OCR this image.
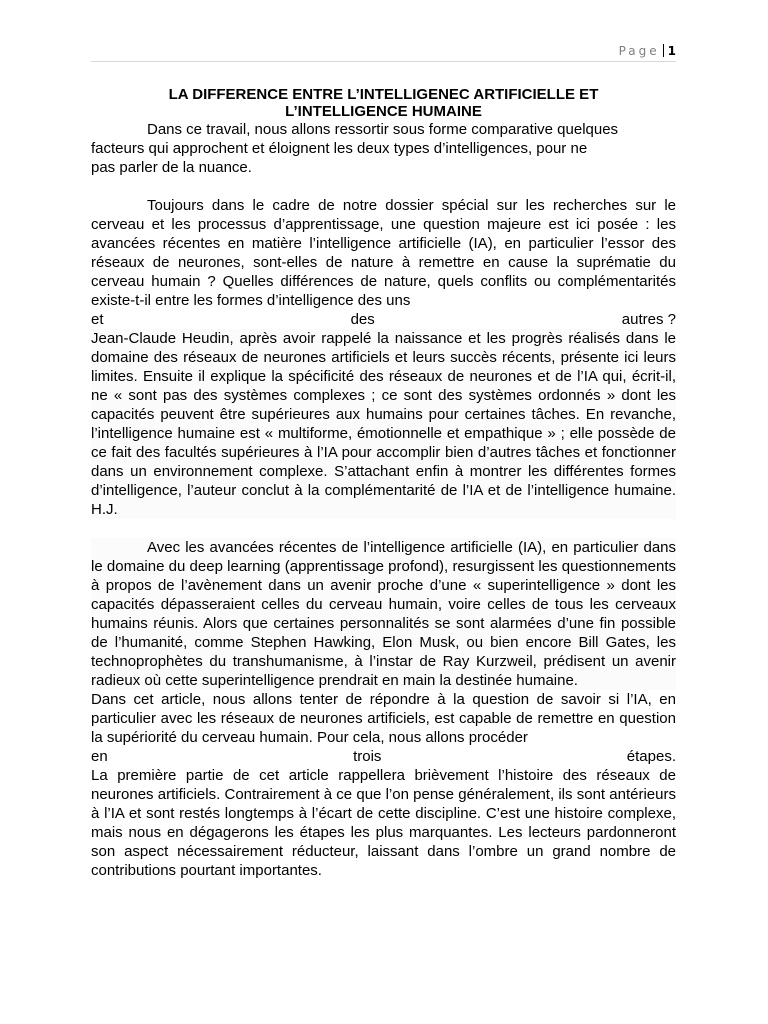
Page 1
LA DIFFERENCE ENTRE L’INTELLIGENEC ARTIFICIELLE ET
L’INTELLIGENCE HUMAINE
Dans ce travail, nous allons ressortir sous forme comparative quelques
facteurs qui approchent et éloignent les deux types d’intelligences, pour ne
pas parler de la nuance.
Toujours dans le cadre de notre dossier spécial sur les recherches sur le cerveau et les processus d’apprentissage, une question majeure est ici posée : les avancées récentes en matière l’intelligence artificielle (IA), en particulier l’essor des réseaux de neurones, sont-elles de nature à remettre en cause la suprématie du cerveau humain ? Quelles différences de nature, quels conflits ou complémentarités existe-t-il entre les formes d’intelligence des uns
et	des	autres ?
Jean-Claude Heudin, après avoir rappelé la naissance et les progrès réalisés dans le domaine des réseaux de neurones artificiels et leurs succès récents, présente ici leurs limites. Ensuite il explique la spécificité des réseaux de neurones et de l’IA qui, écrit-il, ne « sont pas des systèmes complexes ; ce sont des systèmes ordonnés » dont les capacités peuvent être supérieures aux humains pour certaines tâches. En revanche, l’intelligence humaine est « multiforme, émotionnelle et empathique » ; elle possède de ce fait des facultés supérieures à l’IA pour accomplir bien d’autres tâches et fonctionner dans un environnement complexe. S’attachant enfin à montrer les différentes formes d’intelligence, l’auteur conclut à la complémentarité de l’IA et de l’intelligence humaine. H.J.
Avec les avancées récentes de l’intelligence artificielle (IA), en particulier dans le domaine du deep learning (apprentissage profond), resurgissent les questionnements à propos de l’avènement dans un avenir proche d’une « superintelligence » dont les capacités dépasseraient celles du cerveau humain, voire celles de tous les cerveaux humains réunis. Alors que certaines personnalités se sont alarmées d’une fin possible de l’humanité, comme Stephen Hawking, Elon Musk, ou bien encore Bill Gates, les technoprophètes du transhumanisme, à l’instar de Ray Kurzweil, prédisent un avenir radieux où cette superintelligence prendrait en main la destinée humaine.
Dans cet article, nous allons tenter de répondre à la question de savoir si l’IA, en particulier avec les réseaux de neurones artificiels, est capable de remettre en question la supériorité du cerveau humain. Pour cela, nous allons procéder
en	trois	étapes.
La première partie de cet article rappellera brièvement l’histoire des réseaux de neurones artificiels. Contrairement à ce que l’on pense généralement, ils sont antérieurs à l’IA et sont restés longtemps à l’écart de cette discipline. C’est une histoire complexe, mais nous en dégagerons les étapes les plus marquantes. Les lecteurs pardonneront son aspect nécessairement réducteur, laissant dans l’ombre un grand nombre de contributions pourtant importantes.
